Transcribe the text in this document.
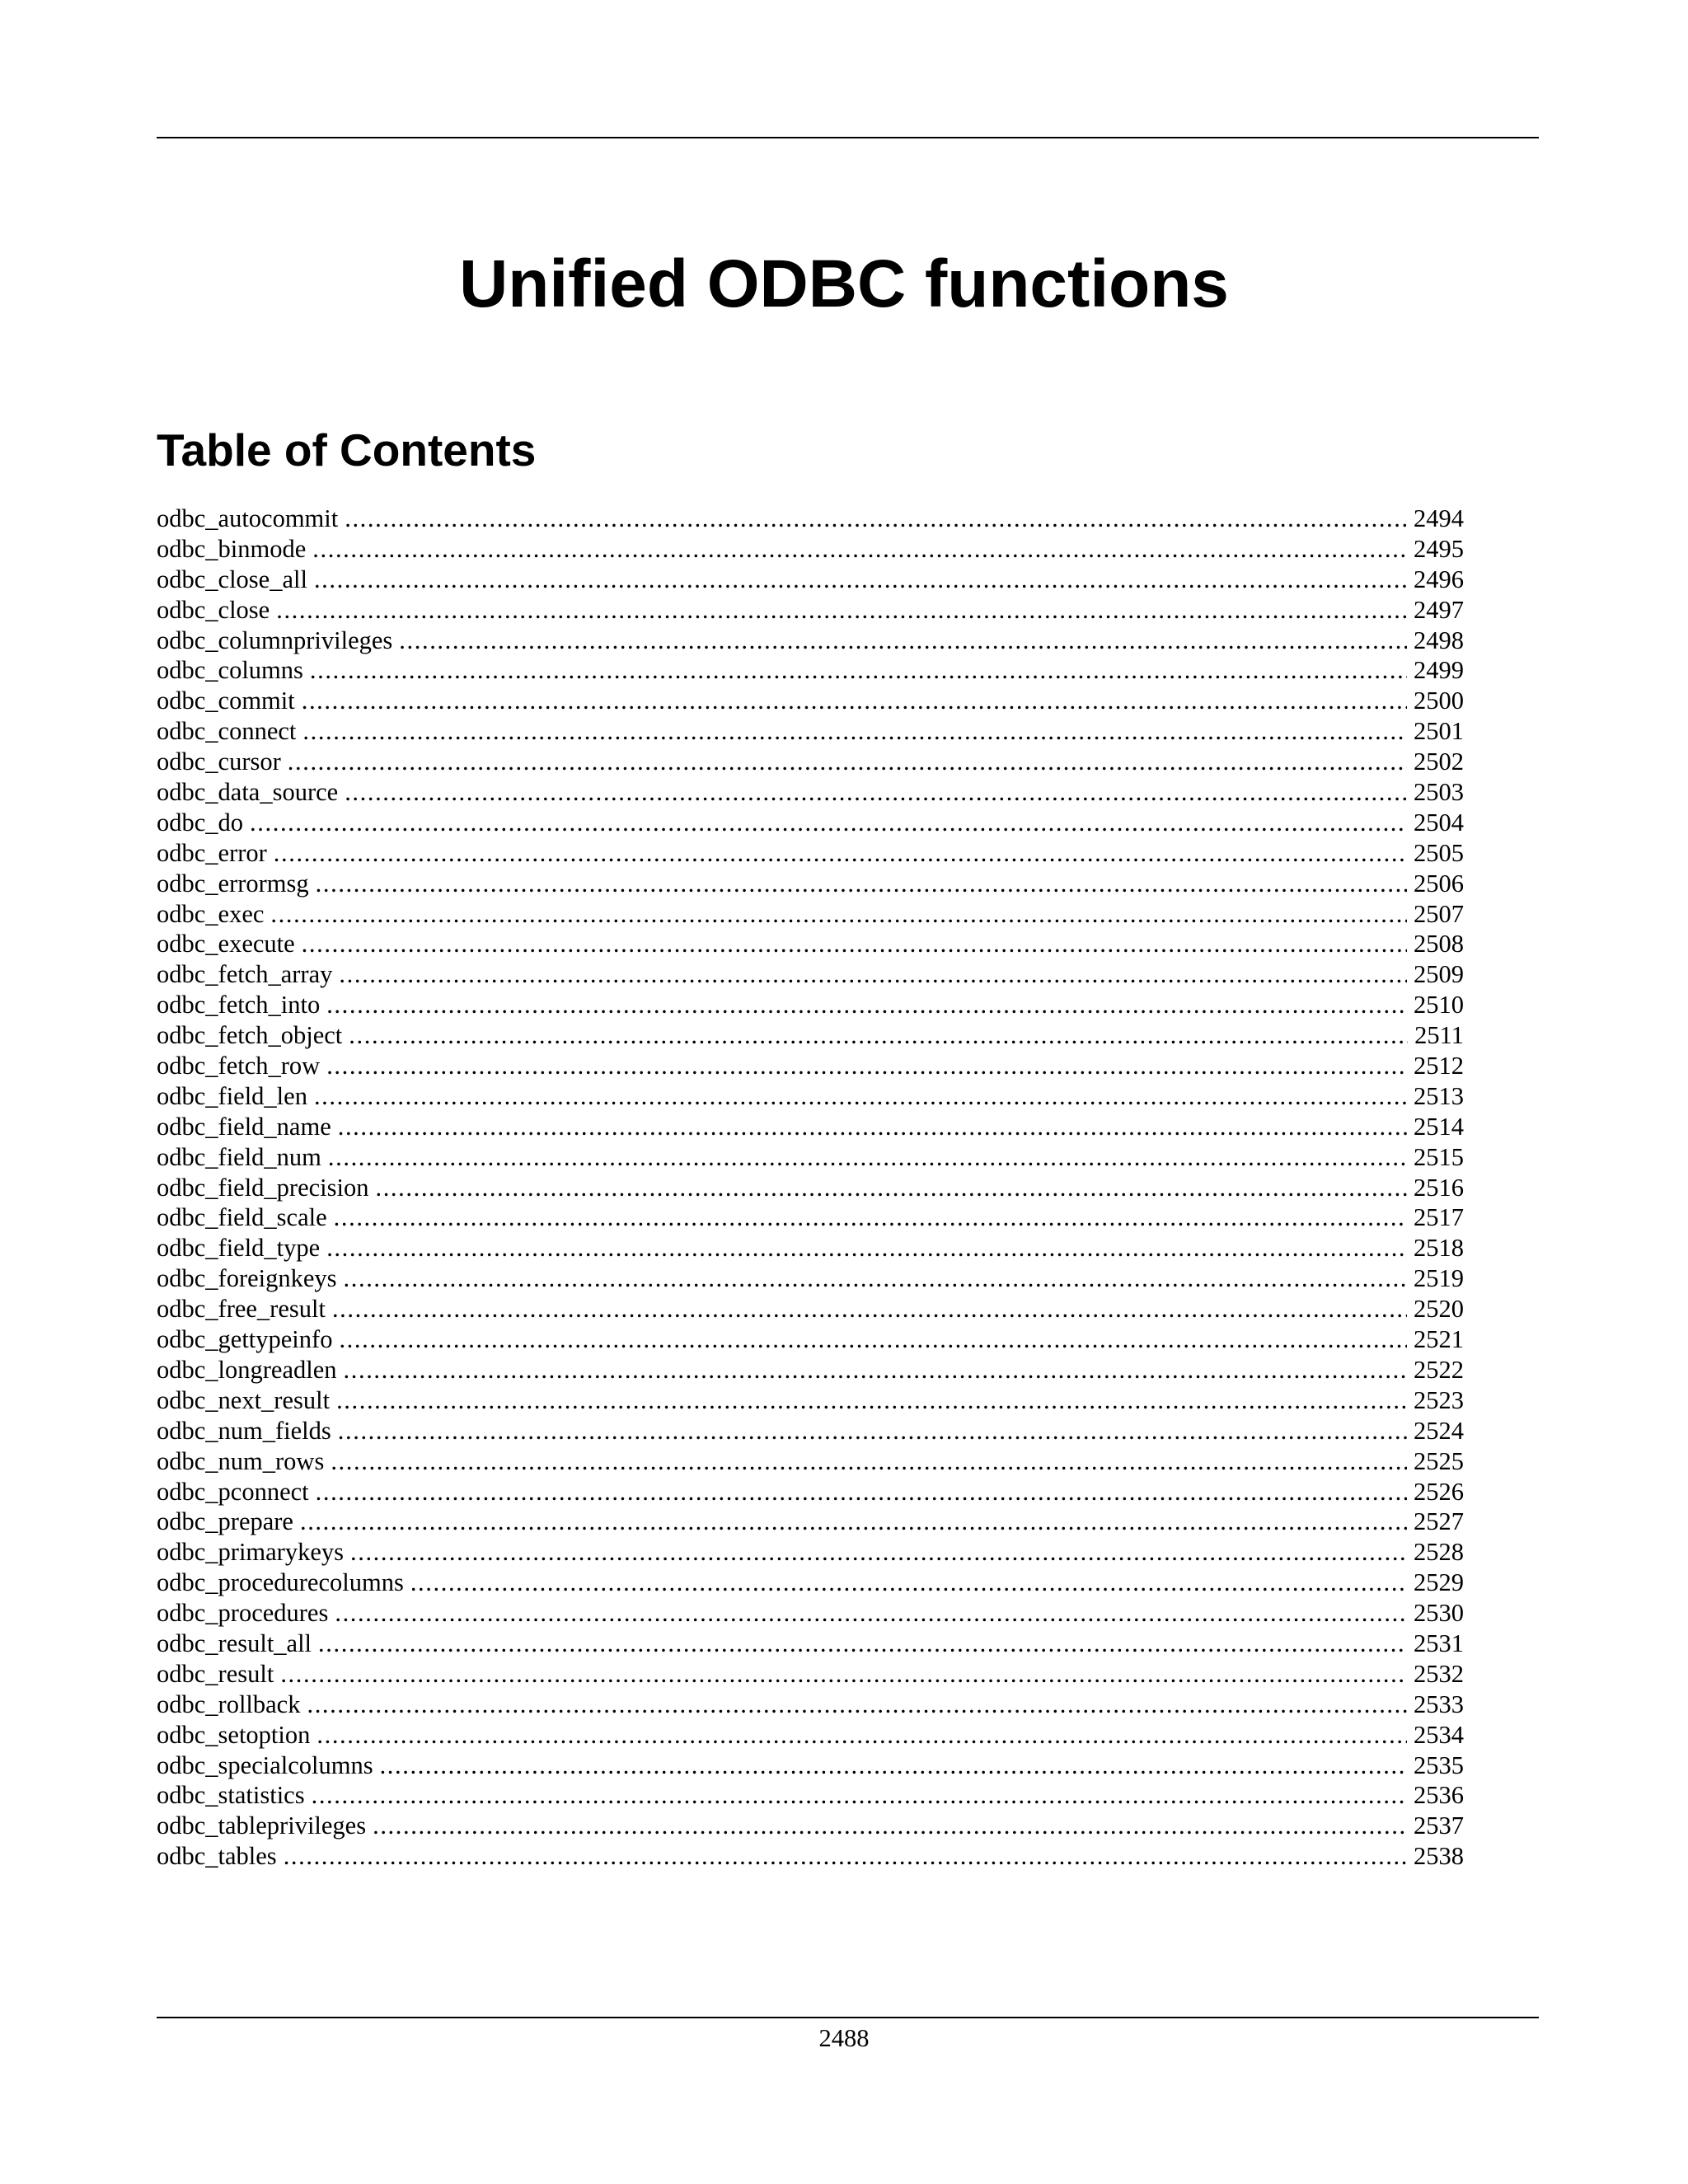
Unified ODBC functions
Table of Contents
odbc_autocommit .....	2494
odbc_binmode .....	2495
odbc_close_all .....	2496
odbc_close .....	2497
odbc_columnprivileges .....	2498
odbc_columns .....	2499
odbc_commit .....	2500
odbc_connect .....	2501
odbc_cursor .....	2502
odbc_data_source .....	2503
odbc_do .....	2504
odbc_error .....	2505
odbc_errormsg .....	2506
odbc_exec .....	2507
odbc_execute .....	2508
odbc_fetch_array .....	2509
odbc_fetch_into .....	2510
odbc_fetch_object .....	2511
odbc_fetch_row .....	2512
odbc_field_len .....	2513
odbc_field_name .....	2514
odbc_field_num .....	2515
odbc_field_precision .....	2516
odbc_field_scale .....	2517
odbc_field_type .....	2518
odbc_foreignkeys .....	2519
odbc_free_result .....	2520
odbc_gettypeinfo .....	2521
odbc_longreadlen .....	2522
odbc_next_result .....	2523
odbc_num_fields .....	2524
odbc_num_rows .....	2525
odbc_pconnect .....	2526
odbc_prepare .....	2527
odbc_primarykeys .....	2528
odbc_procedurecolumns .....	2529
odbc_procedures .....	2530
odbc_result_all .....	2531
odbc_result .....	2532
odbc_rollback .....	2533
odbc_setoption .....	2534
odbc_specialcolumns .....	2535
odbc_statistics .....	2536
odbc_tableprivileges .....	2537
odbc_tables .....	2538
2488
